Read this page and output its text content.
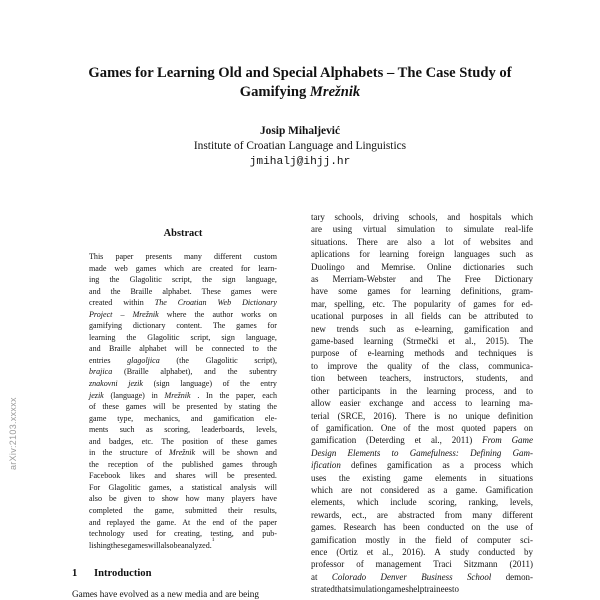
Games for Learning Old and Special Alphabets – The Case Study of
Gamifying Mrežnik
Josip Mihaljević
Institute of Croatian Language and Linguistics
jmihalj@ihjj.hr
Abstract
This paper presents many different custom
made web games which are created for learn-
ing the Glagolitic script, the sign language,
and the Braille alphabet. These games were
created within The Croatian Web Dictionary
Project – Mrežnik where the author works on
gamifying dictionary content. The games for
learning the Glagolitic script, sign language,
and Braille alphabet will be connected to the
entries glagoljica (the Glagolitic script),
brajica (Braille alphabet), and the subentry
znakovni jezik (sign language) of the entry
jezik (language) in Mrežnik . In the paper, each
of these games will be presented by stating the
game type, mechanics, and gamification ele-
ments such as scoring, leaderboards, levels,
and badges, etc. The position of these games
in the structure of Mrežnik will be shown and
the reception of the published games through
Facebook likes and shares will be presented.
For Glagolitic games, a statistical analysis will
also be given to show how many players have
completed the game, submitted their results,
and replayed the game. At the end of the paper
technology used for creating, testing, and pub-
lishing these games will also be analyzed.
1
1 Introduction
Games have evolved as a new media and are being
tary schools, driving schools, and hospitals which
are using virtual simulation to simulate real-life
situations. There are also a lot of websites and
aplications for learning foreign languages such as
Duolingo and Memrise. Online dictionaries such
as Merriam-Webster and The Free Dictionary
have some games for learning definitions, gram-
mar, spelling, etc. The popularity of games for ed-
ucational purposes in all fields can be attributed to
new trends such as e-learning, gamification and
game-based learning (Strmečki et al., 2015). The
purpose of e-learning methods and techniques is
to improve the quality of the class, communica-
tion between teachers, instructors, students, and
other participants in the learning process, and to
allow easier exchange and access to learning ma-
terial (SRCE, 2016). There is no unique definition
of gamification. One of the most quoted papers on
gamification (Deterding et al., 2011) From Game
Design Elements to Gamefulness: Defining Gam-
ification defines gamification as a process which
uses the existing game elements in situations
which are not considered as a game. Gamification
elements, which include scoring, ranking, levels,
rewards, ect., are abstracted from many different
games. Research has been conducted on the use of
gamification mostly in the field of computer sci-
ence (Ortiz et al., 2016). A study conducted by
professor of management Traci Sitzmann (2011)
at Colorado Denver Business School demon-
strated that simulation games help trainees to
arXiv:2103.xxxxx
